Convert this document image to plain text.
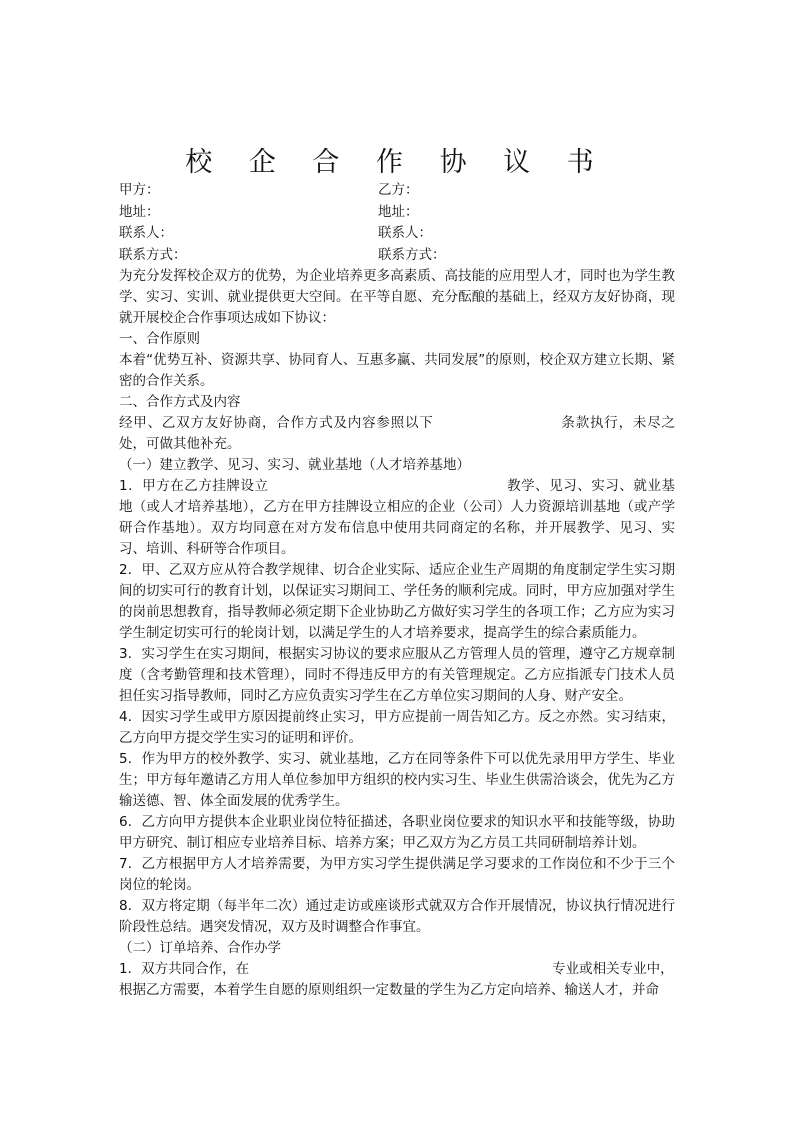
校 企 合 作 协 议 书
甲方：	乙方：
地址：	地址：
联系人：	联系人：
联系方式：	联系方式：

为充分发挥校企双方的优势，为企业培养更多高素质、高技能的应用型人才，同时也为学生教学、实习、实训、就业提供更大空间。在平等自愿、充分酝酿的基础上，经双方友好协商，现就开展校企合作事项达成如下协议：

一、合作原则

本着“优势互补、资源共享、协同育人、互惠多赢、共同发展”的原则，校企双方建立长期、紧密的合作关系。

二、合作方式及内容

经甲、乙双方友好协商，合作方式及内容参照以下	条款执行，未尽之处，可做其他补充。

（一）建立教学、见习、实习、就业基地（人才培养基地）

1．甲方在乙方挂牌设立	教学、见习、实习、就业基地（或人才培养基地），乙方在甲方挂牌设立相应的企业（公司）人力资源培训基地（或产学研合作基地）。双方均同意在对方发布信息中使用共同商定的名称，并开展教学、见习、实习、培训、科研等合作项目。

2．甲、乙双方应从符合教学规律、切合企业实际、适应企业生产周期的角度制定学生实习期间的切实可行的教育计划，以保证实习期间工、学任务的顺利完成。同时，甲方应加强对学生的岗前思想教育，指导教师必须定期下企业协助乙方做好实习学生的各项工作；乙方应为实习学生制定切实可行的轮岗计划，以满足学生的人才培养要求，提高学生的综合素质能力。

3．实习学生在实习期间，根据实习协议的要求应服从乙方管理人员的管理，遵守乙方规章制度（含考勤管理和技术管理），同时不得违反甲方的有关管理规定。乙方应指派专门技术人员担任实习指导教师，同时乙方应负责实习学生在乙方单位实习期间的人身、财产安全。

4．因实习学生或甲方原因提前终止实习，甲方应提前一周告知乙方。反之亦然。实习结束，乙方向甲方提交学生实习的证明和评价。

5．作为甲方的校外教学、实习、就业基地，乙方在同等条件下可以优先录用甲方学生、毕业生；甲方每年邀请乙方用人单位参加甲方组织的校内实习生、毕业生供需洽谈会，优先为乙方输送德、智、体全面发展的优秀学生。

6．乙方向甲方提供本企业职业岗位特征描述，各职业岗位要求的知识水平和技能等级，协助甲方研究、制订相应专业培养目标、培养方案；甲乙双方为乙方员工共同研制培养计划。

7．乙方根据甲方人才培养需要，为甲方实习学生提供满足学习要求的工作岗位和不少于三个岗位的轮岗。

8．双方将定期（每半年二次）通过走访或座谈形式就双方合作开展情况，协议执行情况进行阶段性总结。遇突发情况，双方及时调整合作事宜。

（二）订单培养、合作办学

1．双方共同合作，在	专业或相关专业中，

根据乙方需要，本着学生自愿的原则组织一定数量的学生为乙方定向培养、输送人才，并命
